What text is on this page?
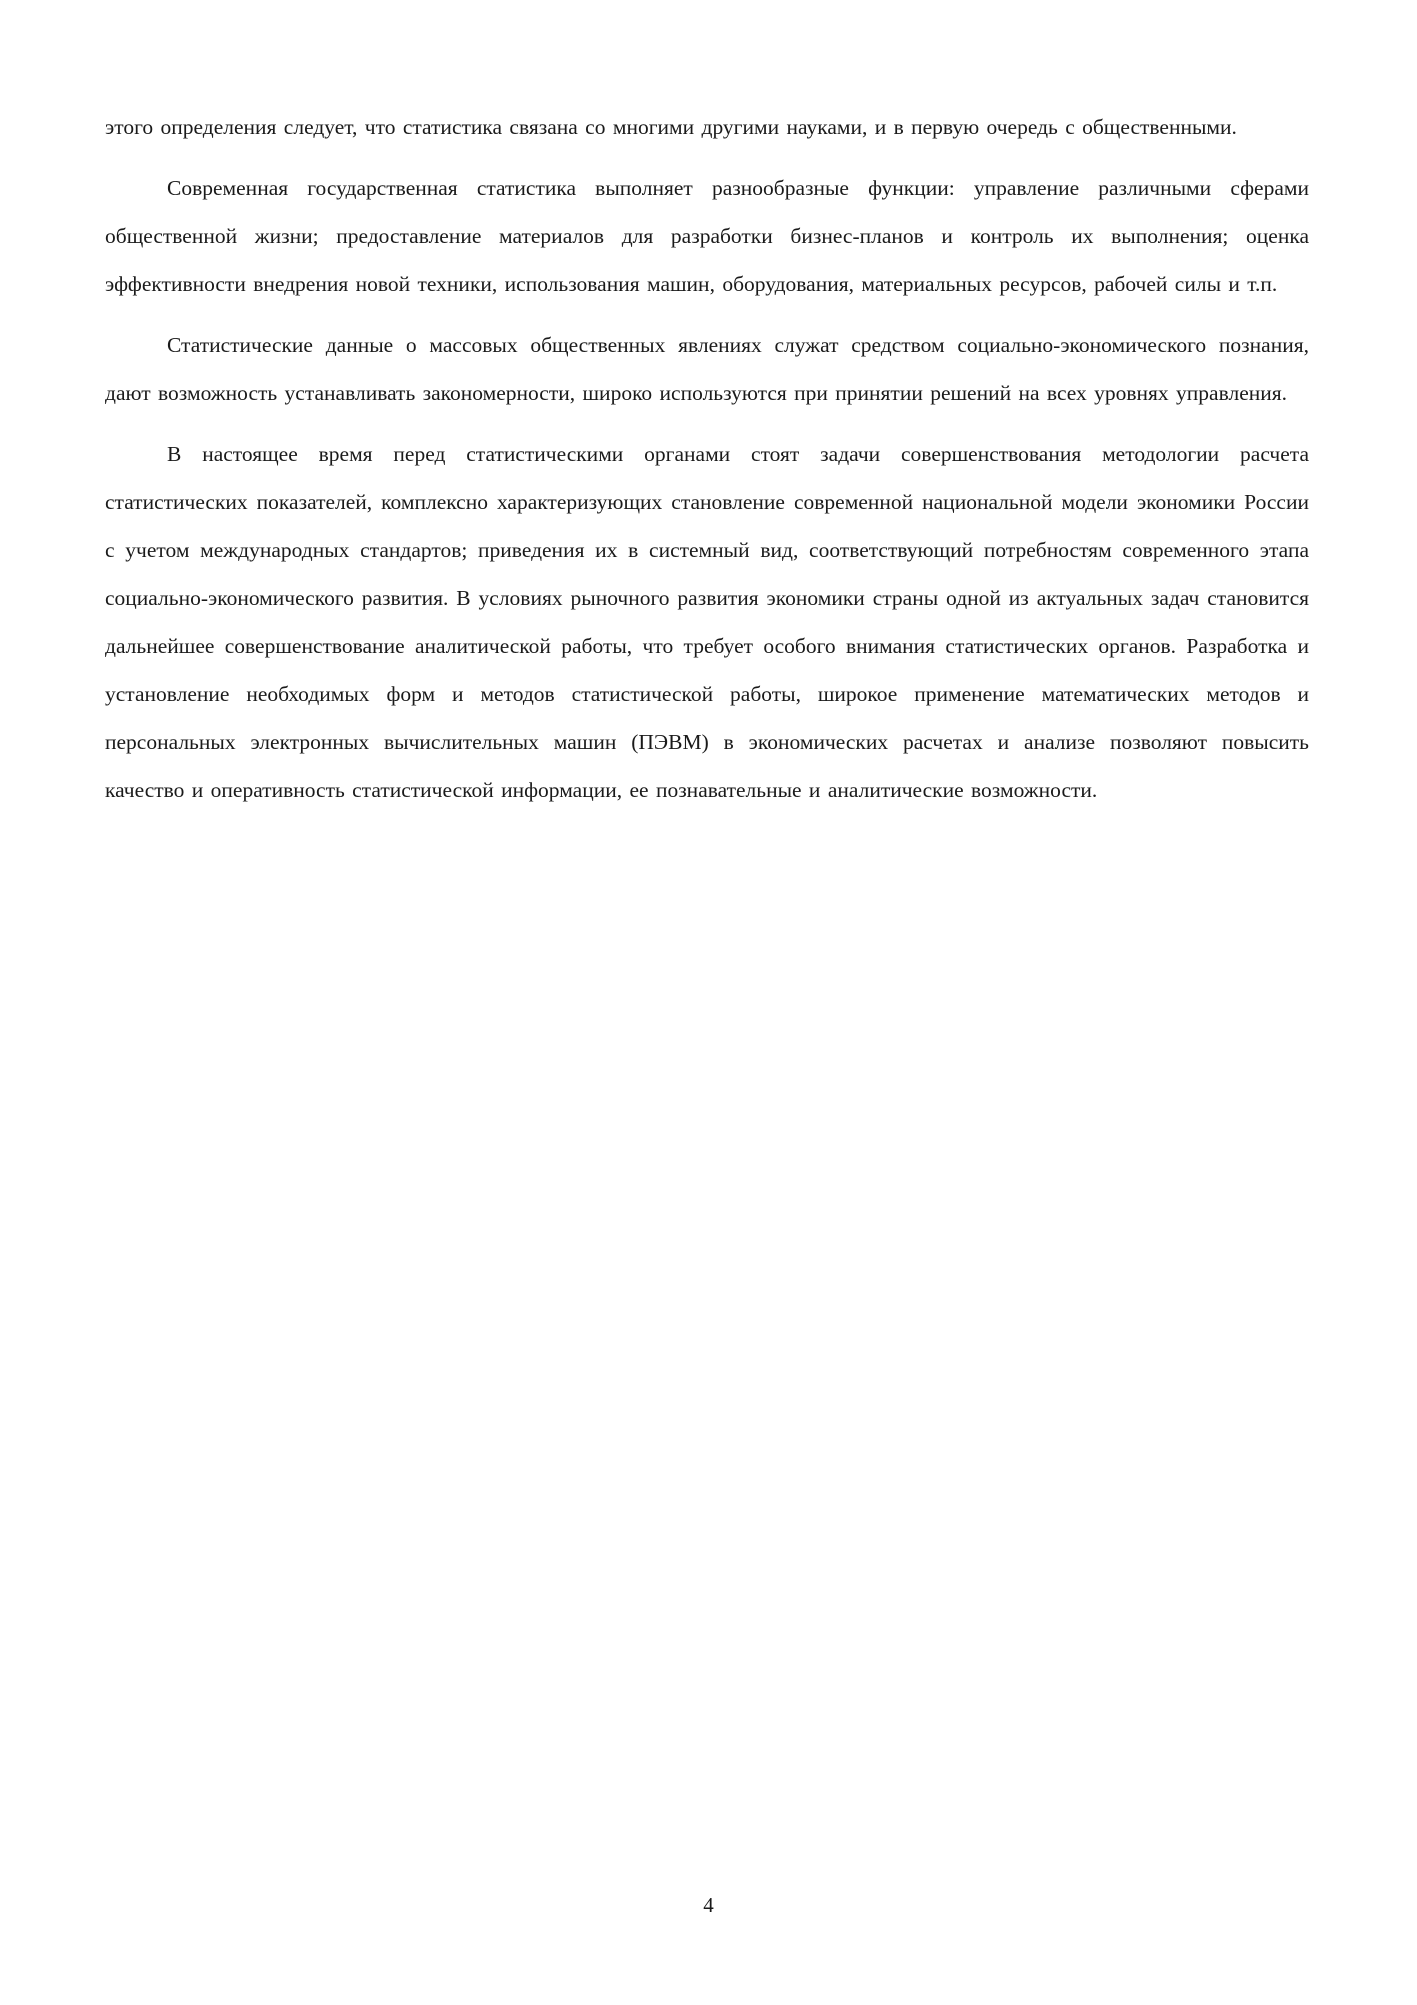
этого определения следует, что статистика связана со многими другими науками, и в первую очередь с общественными.

Современная государственная статистика выполняет разнообразные функции: управление различными сферами общественной жизни; предоставление материалов для разработки бизнес-планов и контроль их выполнения; оценка эффективности внедрения новой техники, использования машин, оборудования, материальных ресурсов, рабочей силы и т.п.

Статистические данные о массовых общественных явлениях служат средством социально-экономического познания, дают возможность устанавливать закономерности, широко используются при принятии решений на всех уровнях управления.

В настоящее время перед статистическими органами стоят задачи совершенствования методологии расчета статистических показателей, комплексно характеризующих становление современной национальной модели экономики России с учетом международных стандартов; приведения их в системный вид, соответствующий потребностям современного этапа социально-экономического развития. В условиях рыночного развития экономики страны одной из актуальных задач становится дальнейшее совершенствование аналитической работы, что требует особого внимания статистических органов. Разработка и установление необходимых форм и методов статистической работы, широкое применение математических методов и персональных электронных вычислительных машин (ПЭВМ) в экономических расчетах и анализе позволяют повысить качество и оперативность статистической информации, ее познавательные и аналитические возможности.

4
